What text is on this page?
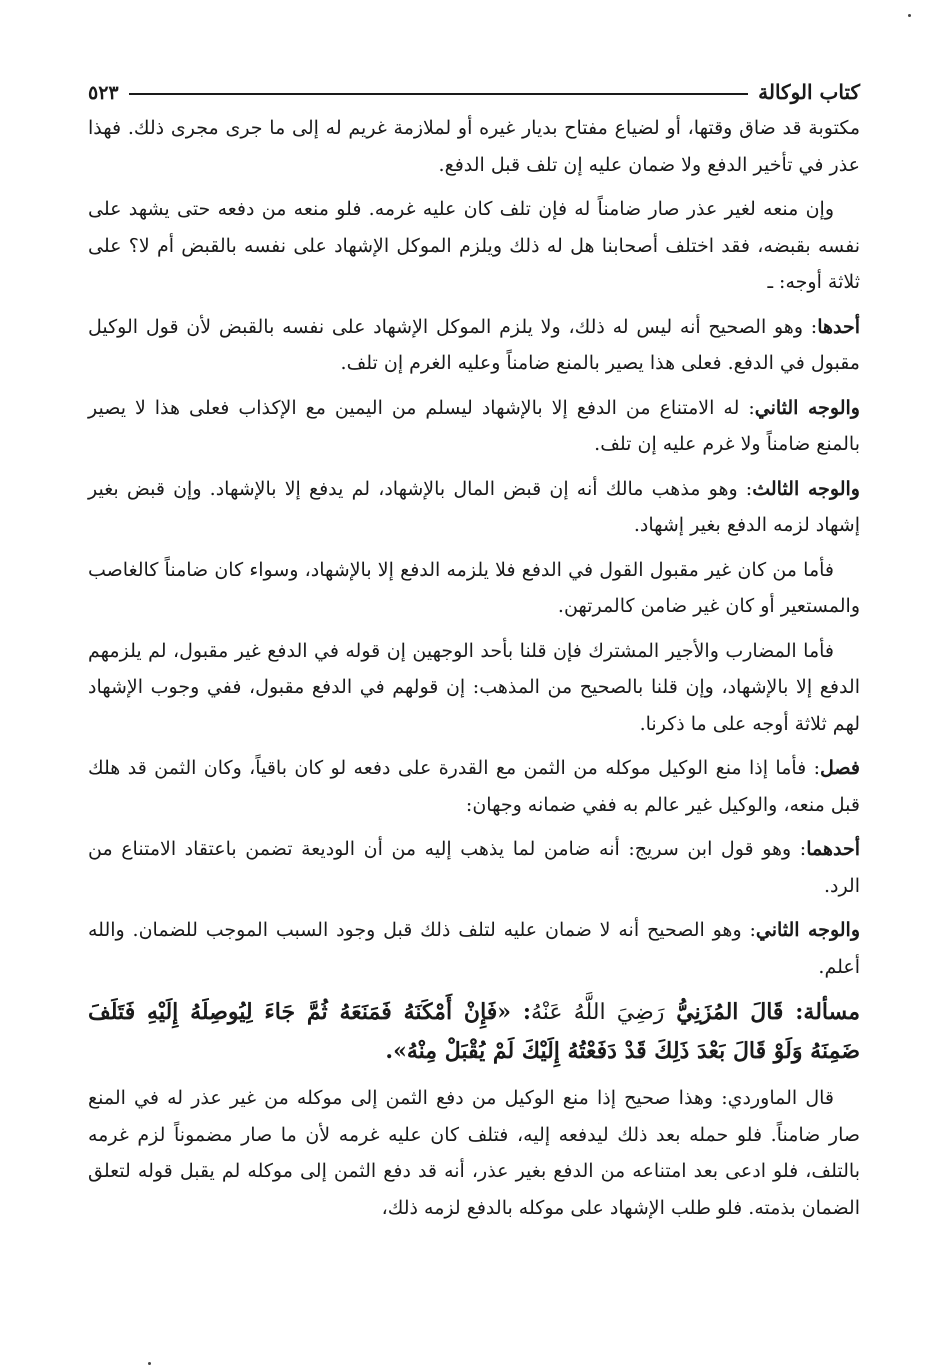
كتاب الوكالة
٥٢٣

مكتوبة قد ضاق وقتها، أو لضياع مفتاح بديار غيره أو لملازمة غريم له إلى ما جرى مجرى ذلك. فهذا عذر في تأخير الدفع ولا ضمان عليه إن تلف قبل الدفع.

وإن منعه لغير عذر صار ضامناً له فإن تلف كان عليه غرمه. فلو منعه من دفعه حتى يشهد على نفسه بقبضه، فقد اختلف أصحابنا هل له ذلك ويلزم الموكل الإشهاد على نفسه بالقبض أم لا؟ على ثلاثة أوجه: ـ

أحدها: وهو الصحيح أنه ليس له ذلك، ولا يلزم الموكل الإشهاد على نفسه بالقبض لأن قول الوكيل مقبول في الدفع. فعلى هذا يصير بالمنع ضامناً وعليه الغرم إن تلف.

والوجه الثاني: له الامتناع من الدفع إلا بالإشهاد ليسلم من اليمين مع الإكذاب فعلى هذا لا يصير بالمنع ضامناً ولا غرم عليه إن تلف.

والوجه الثالث: وهو مذهب مالك أنه إن قبض المال بالإشهاد، لم يدفع إلا بالإشهاد. وإن قبض بغير إشهاد لزمه الدفع بغير إشهاد.

فأما من كان غير مقبول القول في الدفع فلا يلزمه الدفع إلا بالإشهاد، وسواء كان ضامناً كالغاصب والمستعير أو كان غير ضامن كالمرتهن.

فأما المضارب والأجير المشترك فإن قلنا بأحد الوجهين إن قوله في الدفع غير مقبول، لم يلزمهم الدفع إلا بالإشهاد، وإن قلنا بالصحيح من المذهب: إن قولهم في الدفع مقبول، ففي وجوب الإشهاد لهم ثلاثة أوجه على ما ذكرنا.

فصل: فأما إذا منع الوكيل موكله من الثمن مع القدرة على دفعه لو كان باقياً، وكان الثمن قد هلك قبل منعه، والوكيل غير عالم به ففي ضمانه وجهان:

أحدهما: وهو قول ابن سريج: أنه ضامن لما يذهب إليه من أن الوديعة تضمن باعتقاد الامتناع من الرد.

والوجه الثاني: وهو الصحيح أنه لا ضمان عليه لتلف ذلك قبل وجود السبب الموجب للضمان. والله أعلم.

مسألة: قَالَ المُزَنِيُّ رَضِيَ اللَّهُ عَنْهُ: «فَإِنْ أَمْكَنَهُ فَمَنَعَهُ ثُمَّ جَاءَ لِيُوصِلَهُ إِلَيْهِ فَتَلَفَ ضَمِنَهُ وَلَوْ قَالَ بَعْدَ ذَلِكَ قَدْ دَفَعْتُهُ إِلَيْكَ لَمْ يُقْبَلْ مِنْهُ».

قال الماوردي: وهذا صحيح إذا منع الوكيل من دفع الثمن إلى موكله من غير عذر له في المنع صار ضامناً. فلو حمله بعد ذلك ليدفعه إليه، فتلف كان عليه غرمه لأن ما صار مضموناً لزم غرمه بالتلف، فلو ادعى بعد امتناعه من الدفع بغير عذر، أنه قد دفع الثمن إلى موكله لم يقبل قوله لتعلق الضمان بذمته. فلو طلب الإشهاد على موكله بالدفع لزمه ذلك،
